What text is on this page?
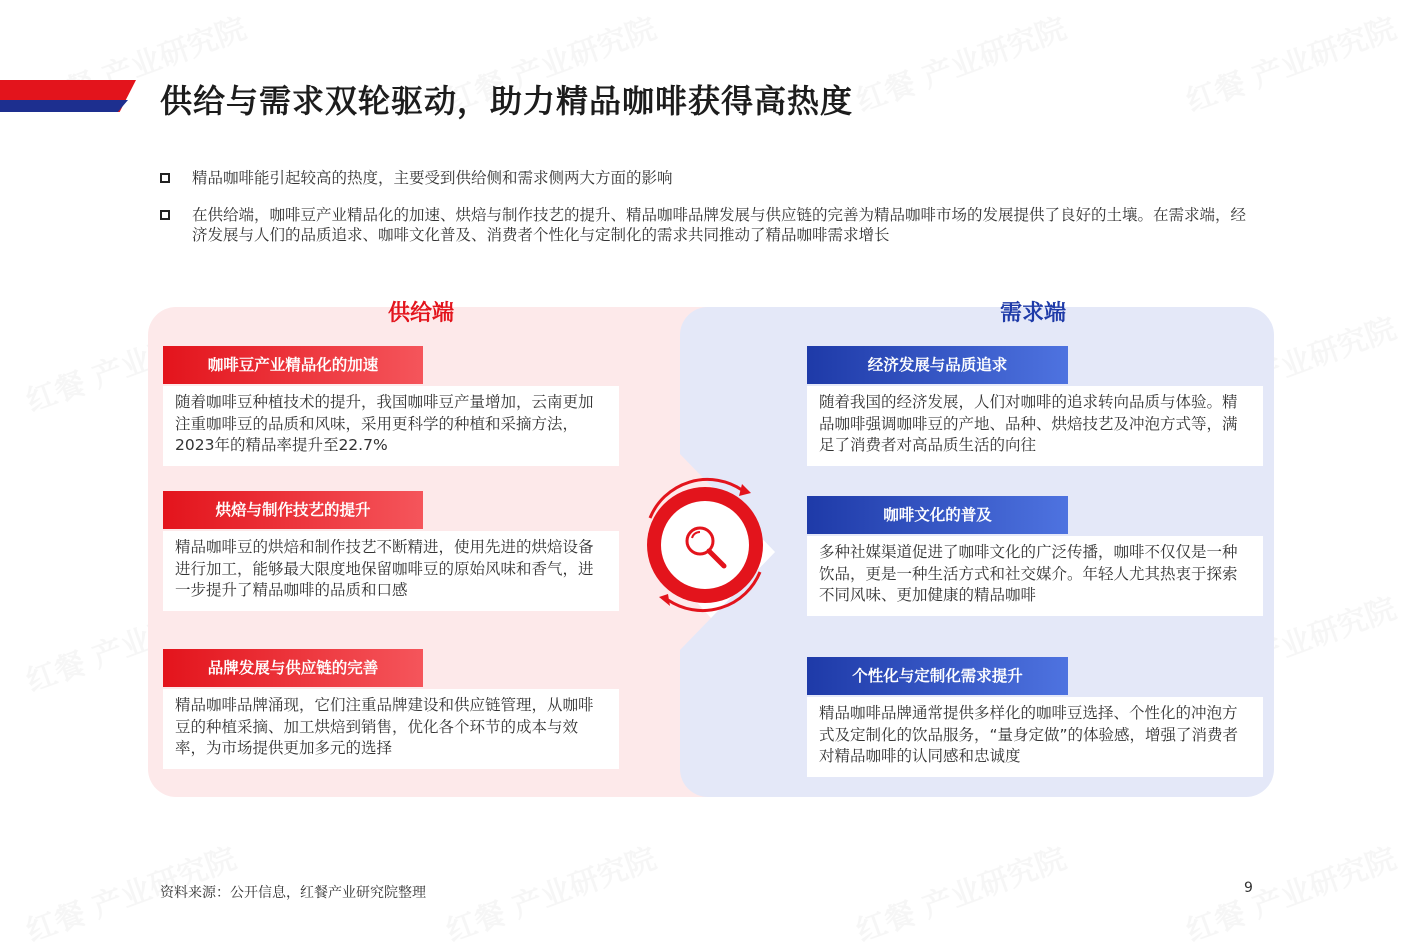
供给与需求双轮驱动，助力精品咖啡获得高热度
精品咖啡能引起较高的热度，主要受到供给侧和需求侧两大方面的影响
在供给端，咖啡豆产业精品化的加速、烘焙与制作技艺的提升、精品咖啡品牌发展与供应链的完善为精品咖啡市场的发展提供了良好的土壤。在需求端，经济发展与人们的品质追求、咖啡文化普及、消费者个性化与定制化的需求共同推动了精品咖啡需求增长
供给端	需求端
咖啡豆产业精品化的加速
随着咖啡豆种植技术的提升，我国咖啡豆产量增加，云南更加注重咖啡豆的品质和风味，采用更科学的种植和采摘方法，2023年的精品率提升至22.7%
烘焙与制作技艺的提升
精品咖啡豆的烘焙和制作技艺不断精进，使用先进的烘焙设备进行加工，能够最大限度地保留咖啡豆的原始风味和香气，进一步提升了精品咖啡的品质和口感
品牌发展与供应链的完善
精品咖啡品牌涌现，它们注重品牌建设和供应链管理，从咖啡豆的种植采摘、加工烘焙到销售，优化各个环节的成本与效率，为市场提供更加多元的选择
经济发展与品质追求
随着我国的经济发展，人们对咖啡的追求转向品质与体验。精品咖啡强调咖啡豆的产地、品种、烘焙技艺及冲泡方式等，满足了消费者对高品质生活的向往
咖啡文化的普及
多种社媒渠道促进了咖啡文化的广泛传播，咖啡不仅仅是一种饮品，更是一种生活方式和社交媒介。年轻人尤其热衷于探索不同风味、更加健康的精品咖啡
个性化与定制化需求提升
精品咖啡品牌通常提供多样化的咖啡豆选择、个性化的冲泡方式及定制化的饮品服务，“量身定做”的体验感，增强了消费者对精品咖啡的认同感和忠诚度
资料来源：公开信息，红餐产业研究院整理	9
